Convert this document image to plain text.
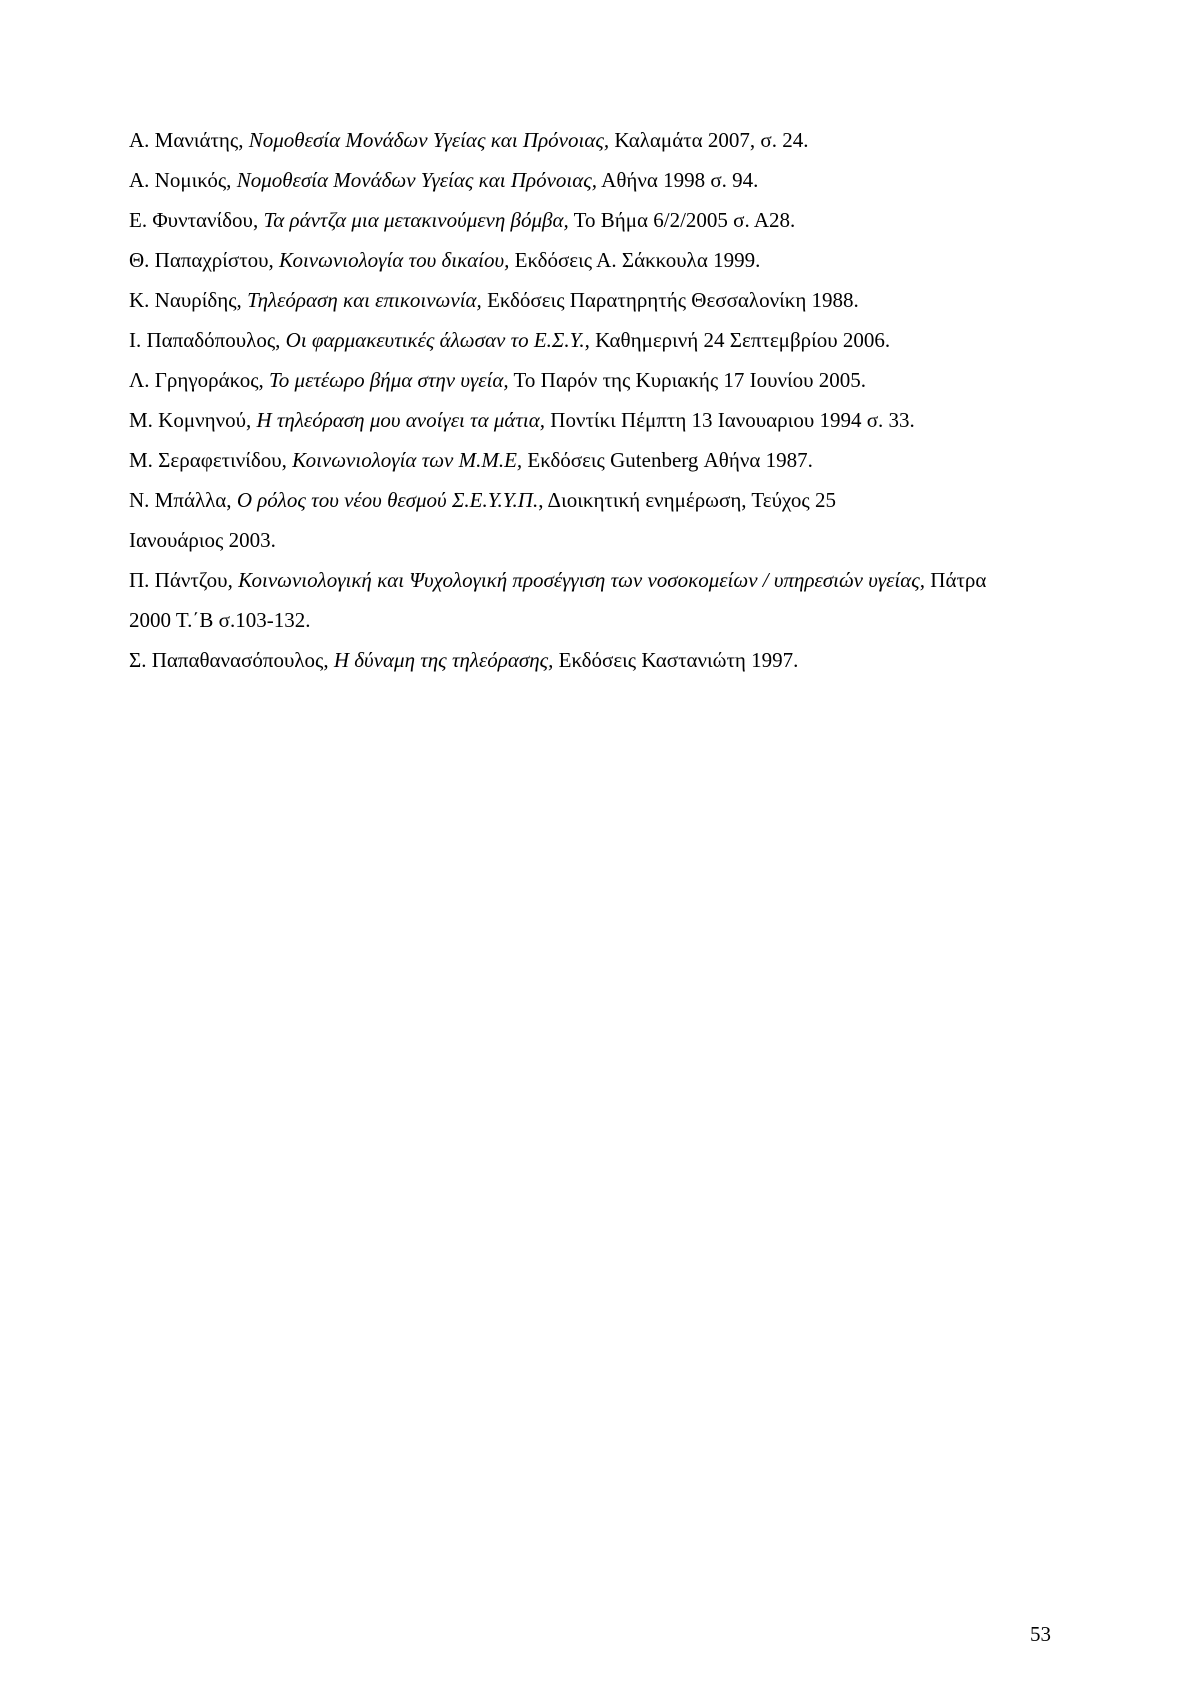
Α. Μανιάτης, Νομοθεσία Μονάδων Υγείας και Πρόνοιας, Καλαμάτα 2007, σ. 24.
Α. Νομικός, Νομοθεσία Μονάδων Υγείας και Πρόνοιας, Αθήνα 1998 σ. 94.
Ε. Φυντανίδου, Τα ράντζα μια μετακινούμενη βόμβα, Το Βήμα 6/2/2005 σ. Α28.
Θ. Παπαχρίστου, Κοινωνιολογία του δικαίου, Εκδόσεις Α. Σάκκουλα 1999.
Κ. Ναυρίδης, Τηλεόραση και επικοινωνία, Εκδόσεις Παρατηρητής Θεσσαλονίκη 1988.
Ι. Παπαδόπουλος, Οι φαρμακευτικές άλωσαν το Ε.Σ.Υ., Καθημερινή 24 Σεπτεμβρίου 2006.
Λ. Γρηγοράκος, Το μετέωρο βήμα στην υγεία, Το Παρόν της Κυριακής 17 Ιουνίου 2005.
Μ. Κομνηνού, Η τηλεόραση μου ανοίγει τα μάτια, Ποντίκι Πέμπτη 13 Ιανουαριου 1994 σ. 33.
Μ. Σεραφετινίδου, Κοινωνιολογία των Μ.Μ.Ε, Εκδόσεις Gutenberg Αθήνα 1987.
Ν. Μπάλλα, Ο ρόλος του νέου θεσμού Σ.Ε.Υ.Υ.Π., Διοικητική ενημέρωση, Τεύχος 25 Ιανουάριος 2003.
Π. Πάντζου, Κοινωνιολογική και Ψυχολογική προσέγγιση των νοσοκομείων / υπηρεσιών υγείας, Πάτρα 2000 Τ.΄Β σ.103-132.
Σ. Παπαθανασόπουλος, Η δύναμη της τηλεόρασης, Εκδόσεις Καστανιώτη 1997.
53
